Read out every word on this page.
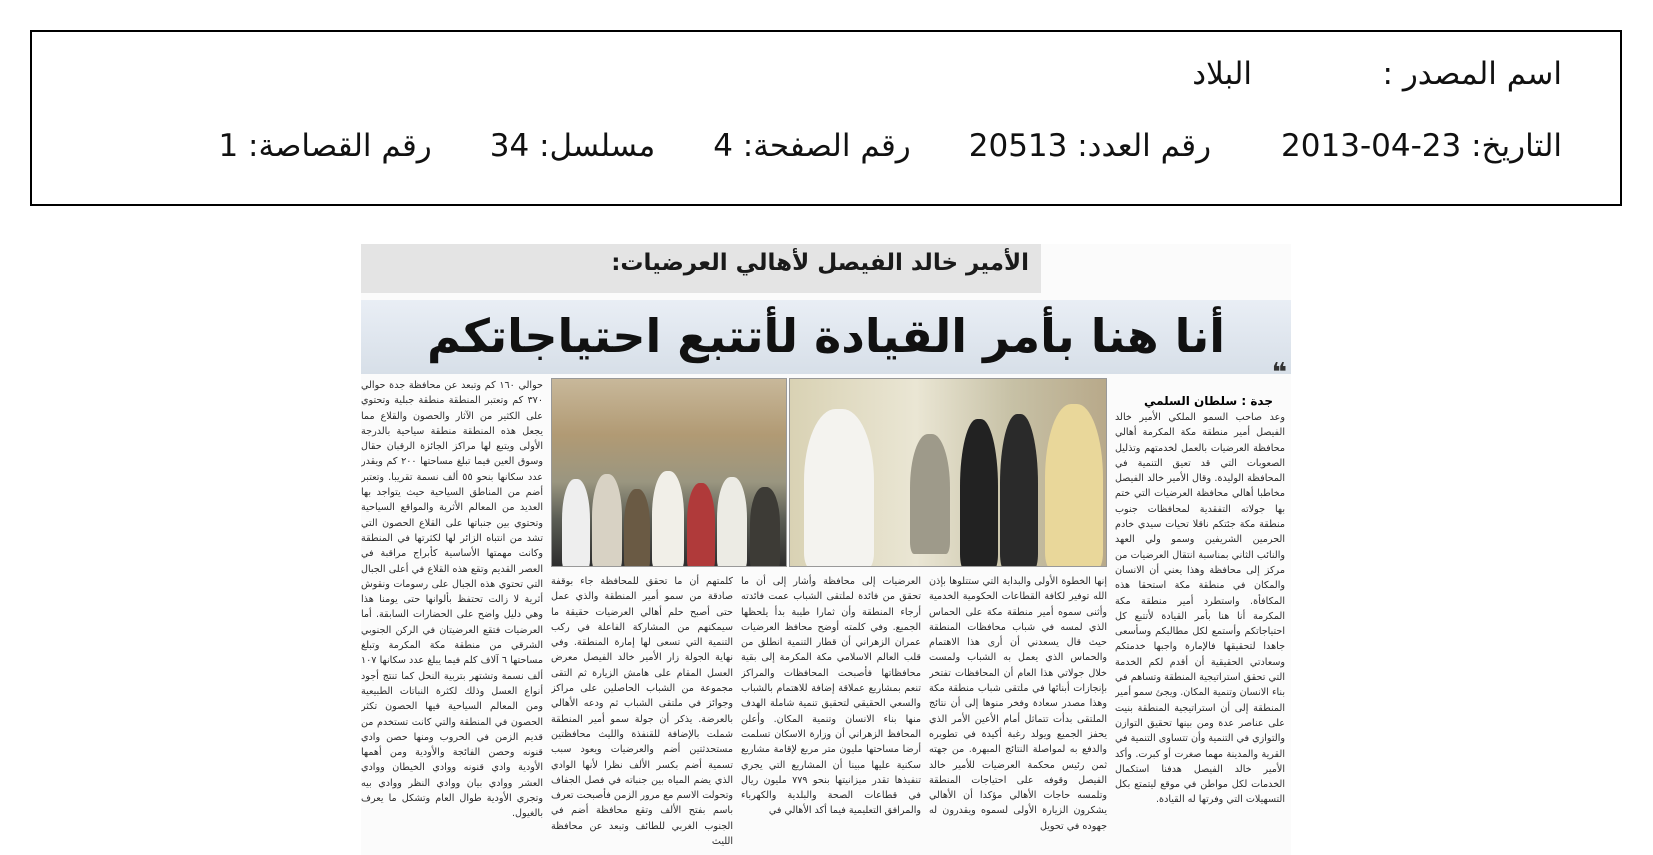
اسم المصدر :البلاد
التاريخ: 23-04-2013رقم العدد: 20513رقم الصفحة: 4مسلسل: 34رقم القصاصة: 1
الأمير خالد الفيصل لأهالي العرضيات:
أنا هنا بأمر القيادة لأتتبع احتياجاتكم
❝
جدة : سلطان السلمي
وعد صاحب السمو الملكي الأمير خالد الفيصل أمير منطقة مكة المكرمة أهالي محافظة العرضيات بالعمل لخدمتهم وتذليل الصعوبات التي قد تعيق التنمية في المحافظة الوليدة. وقال الأمير خالد الفيصل مخاطبا أهالي محافظة العرضيات التي ختم بها جولاته التفقدية لمحافظات جنوب منطقة مكة جئتكم ناقلا تحيات سيدي خادم الحرمين الشريفين وسمو ولي العهد والنائب الثاني بمناسبة انتقال العرضيات من مركز إلى محافظة وهذا يعني أن الانسان والمكان في منطقة مكة استحقا هذه المكافأة. واستطرد أمير منطقة مكة المكرمة أنا هنا بأمر القيادة لأتتبع كل احتياجاتكم وأستمع لكل مطالبكم وسأسعى جاهدا لتحقيقها فالإمارة واجبها خدمتكم وسعادتي الحقيقية أن أقدم لكم الخدمة التي تحقق استراتيجية المنطقة وتساهم في بناء الانسان وتنمية المكان. ويجئ سمو أمير المنطقة إلى أن استراتيجية المنطقة بنيت على عناصر عدة ومن بينها تحقيق التوازن والتوازي في التنمية وأن تتساوى التنمية في القرية والمدينة مهما صغرت أو كبرت. وأكد الأمير خالد الفيصل هدفنا استكمال الخدمات لكل مواطن في موقع ليتمتع بكل التسهيلات التي وفرتها له القيادة.
إنها الخطوة الأولى والبداية التي ستتلوها بإذن الله توفير لكافة القطاعات الحكومية الخدمية وأثنى سموه أمير منطقة مكة على الحماس الذي لمسه في شباب محافظات المنطقة حيث قال يسعدني أن أرى هذا الاهتمام والحماس الذي يعمل به الشباب ولمست خلال جولاتي هذا العام أن المحافظات تفتخر بإنجازات أبنائها في ملتقى شباب منطقة مكة وهذا مصدر سعادة وفخر منوها إلى أن نتائج الملتقى بدأت تتماثل أمام الأعين الأمر الذي يحفز الجميع ويولد رغبة أكيدة في تطويره والدفع به لمواصلة النتائج المبهرة. من جهته ثمن رئيس محكمة العرضيات للأمير خالد الفيصل وقوفه على احتياجات المنطقة وتلمسه حاجات الأهالي مؤكدا أن الأهالي يشكرون الزيارة الأولى لسموه ويقدرون له جهوده في تحويل
العرضيات إلى محافظة وأشار إلى أن ما تحقق من فائدة لملتقى الشباب عمت فائدته أرجاء المنطقة وأن ثمارا طيبة بدأ يلحظها الجميع. وفي كلمته أوضح محافظ العرضيات عمران الزهراني أن قطار التنمية انطلق من قلب العالم الاسلامي مكة المكرمة إلى بقية محافظاتها فأصبحت المحافظات والمراكز تنعم بمشاريع عملاقة إضافة للاهتمام بالشباب والسعي الحقيقي لتحقيق تنمية شاملة الهدف منها بناء الانسان وتنمية المكان. وأعلن المحافظ الزهراني أن وزارة الاسكان تسلمت أرضا مساحتها مليون متر مربع لإقامة مشاريع سكنية عليها مبينا أن المشاريع التي يجري تنفيذها تقدر ميزانيتها بنحو ٧٧٩ مليون ريال في قطاعات الصحة والبلدية والكهرباء والمرافق التعليمية فيما أكد الأهالي في
كلمتهم أن ما تحقق للمحافظة جاء بوقفة صادقة من سمو أمير المنطقة والذي عمل حتى أصبح حلم أهالي العرضيات حقيقة ما سيمكنهم من المشاركة الفاعلة في ركب التنمية التي تسعى لها إمارة المنطقة. وفي نهاية الجولة زار الأمير خالد الفيصل معرض العسل المقام على هامش الزيارة ثم التقى مجموعة من الشباب الحاصلين على مراكز وجوائز في ملتقى الشباب ثم ودعه الأهالي بالعرضة. يذكر أن جولة سمو أمير المنطقة شملت بالإضافة للقنفذة والليث محافظتين مستحدثتين أضم والعرضيات ويعود سبب تسمية أضم بكسر الألف نظرا لأنها الوادي الذي يضم المياه بين جنباته في فصل الجفاف وتحولت الاسم مع مرور الزمن فأصبحت تعرف باسم بفتح الألف وتقع محافظة أضم في الجنوب الغربي للطائف وتبعد عن محافظة الليث
حوالي ١٦٠ كم وتبعد عن محافظة جدة حوالي ٣٧٠ كم وتعتبر المنطقة منطقة جبلية وتحتوي على الكثير من الآثار والحصون والقلاع مما يجعل هذه المنطقة منطقة سياحية بالدرجة الأولى ويتبع لها مراكز الجائزة الرقبان حقال وسوق العين فيما تبلغ مساحتها ٢٠٠ كم ويقدر عدد سكانها بنحو ٥٥ ألف نسمة تقريبا. وتعتبر أضم من المناطق السياحية حيث يتواجد بها العديد من المعالم الأثرية والمواقع السياحية وتحتوي بين جنباتها على القلاع الحصون التي تشد من انتباه الزائر لها لكثرتها في المنطقة وكانت مهمتها الأساسية كأبراج مراقبة في العصر القديم وتقع هذه القلاع في أعلى الجبال التي تحتوي هذه الجبال على رسومات ونقوش أثرية لا زالت تحتفظ بألوانها حتى يومنا هذا وهي دليل واضح على الحضارات السابقة. أما العرضيات فتقع العرضيتان في الركن الجنوبي الشرقي من منطقة مكة المكرمة وتبلغ مساحتها ٦ آلاف كلم فيما يبلغ عدد سكانها ١٠٧ ألف نسمة وتشتهر بتربية النحل كما تنتج أجود أنواع العسل وذلك لكثرة النباتات الطبيعية ومن المعالم السياحية فيها الحصون تكثر الحصون في المنطقة والتي كانت تستخدم من قديم الزمن في الحروب ومنها حصن وادي قنونه وحصن الفائجة والأودية ومن أهمها الأودية وادي قنونه ووادي الخيطان ووادي العشر ووادي بيان ووادي النظر ووادي بيه وتجري الأودية طوال العام وتشكل ما يعرف بالغيول.
